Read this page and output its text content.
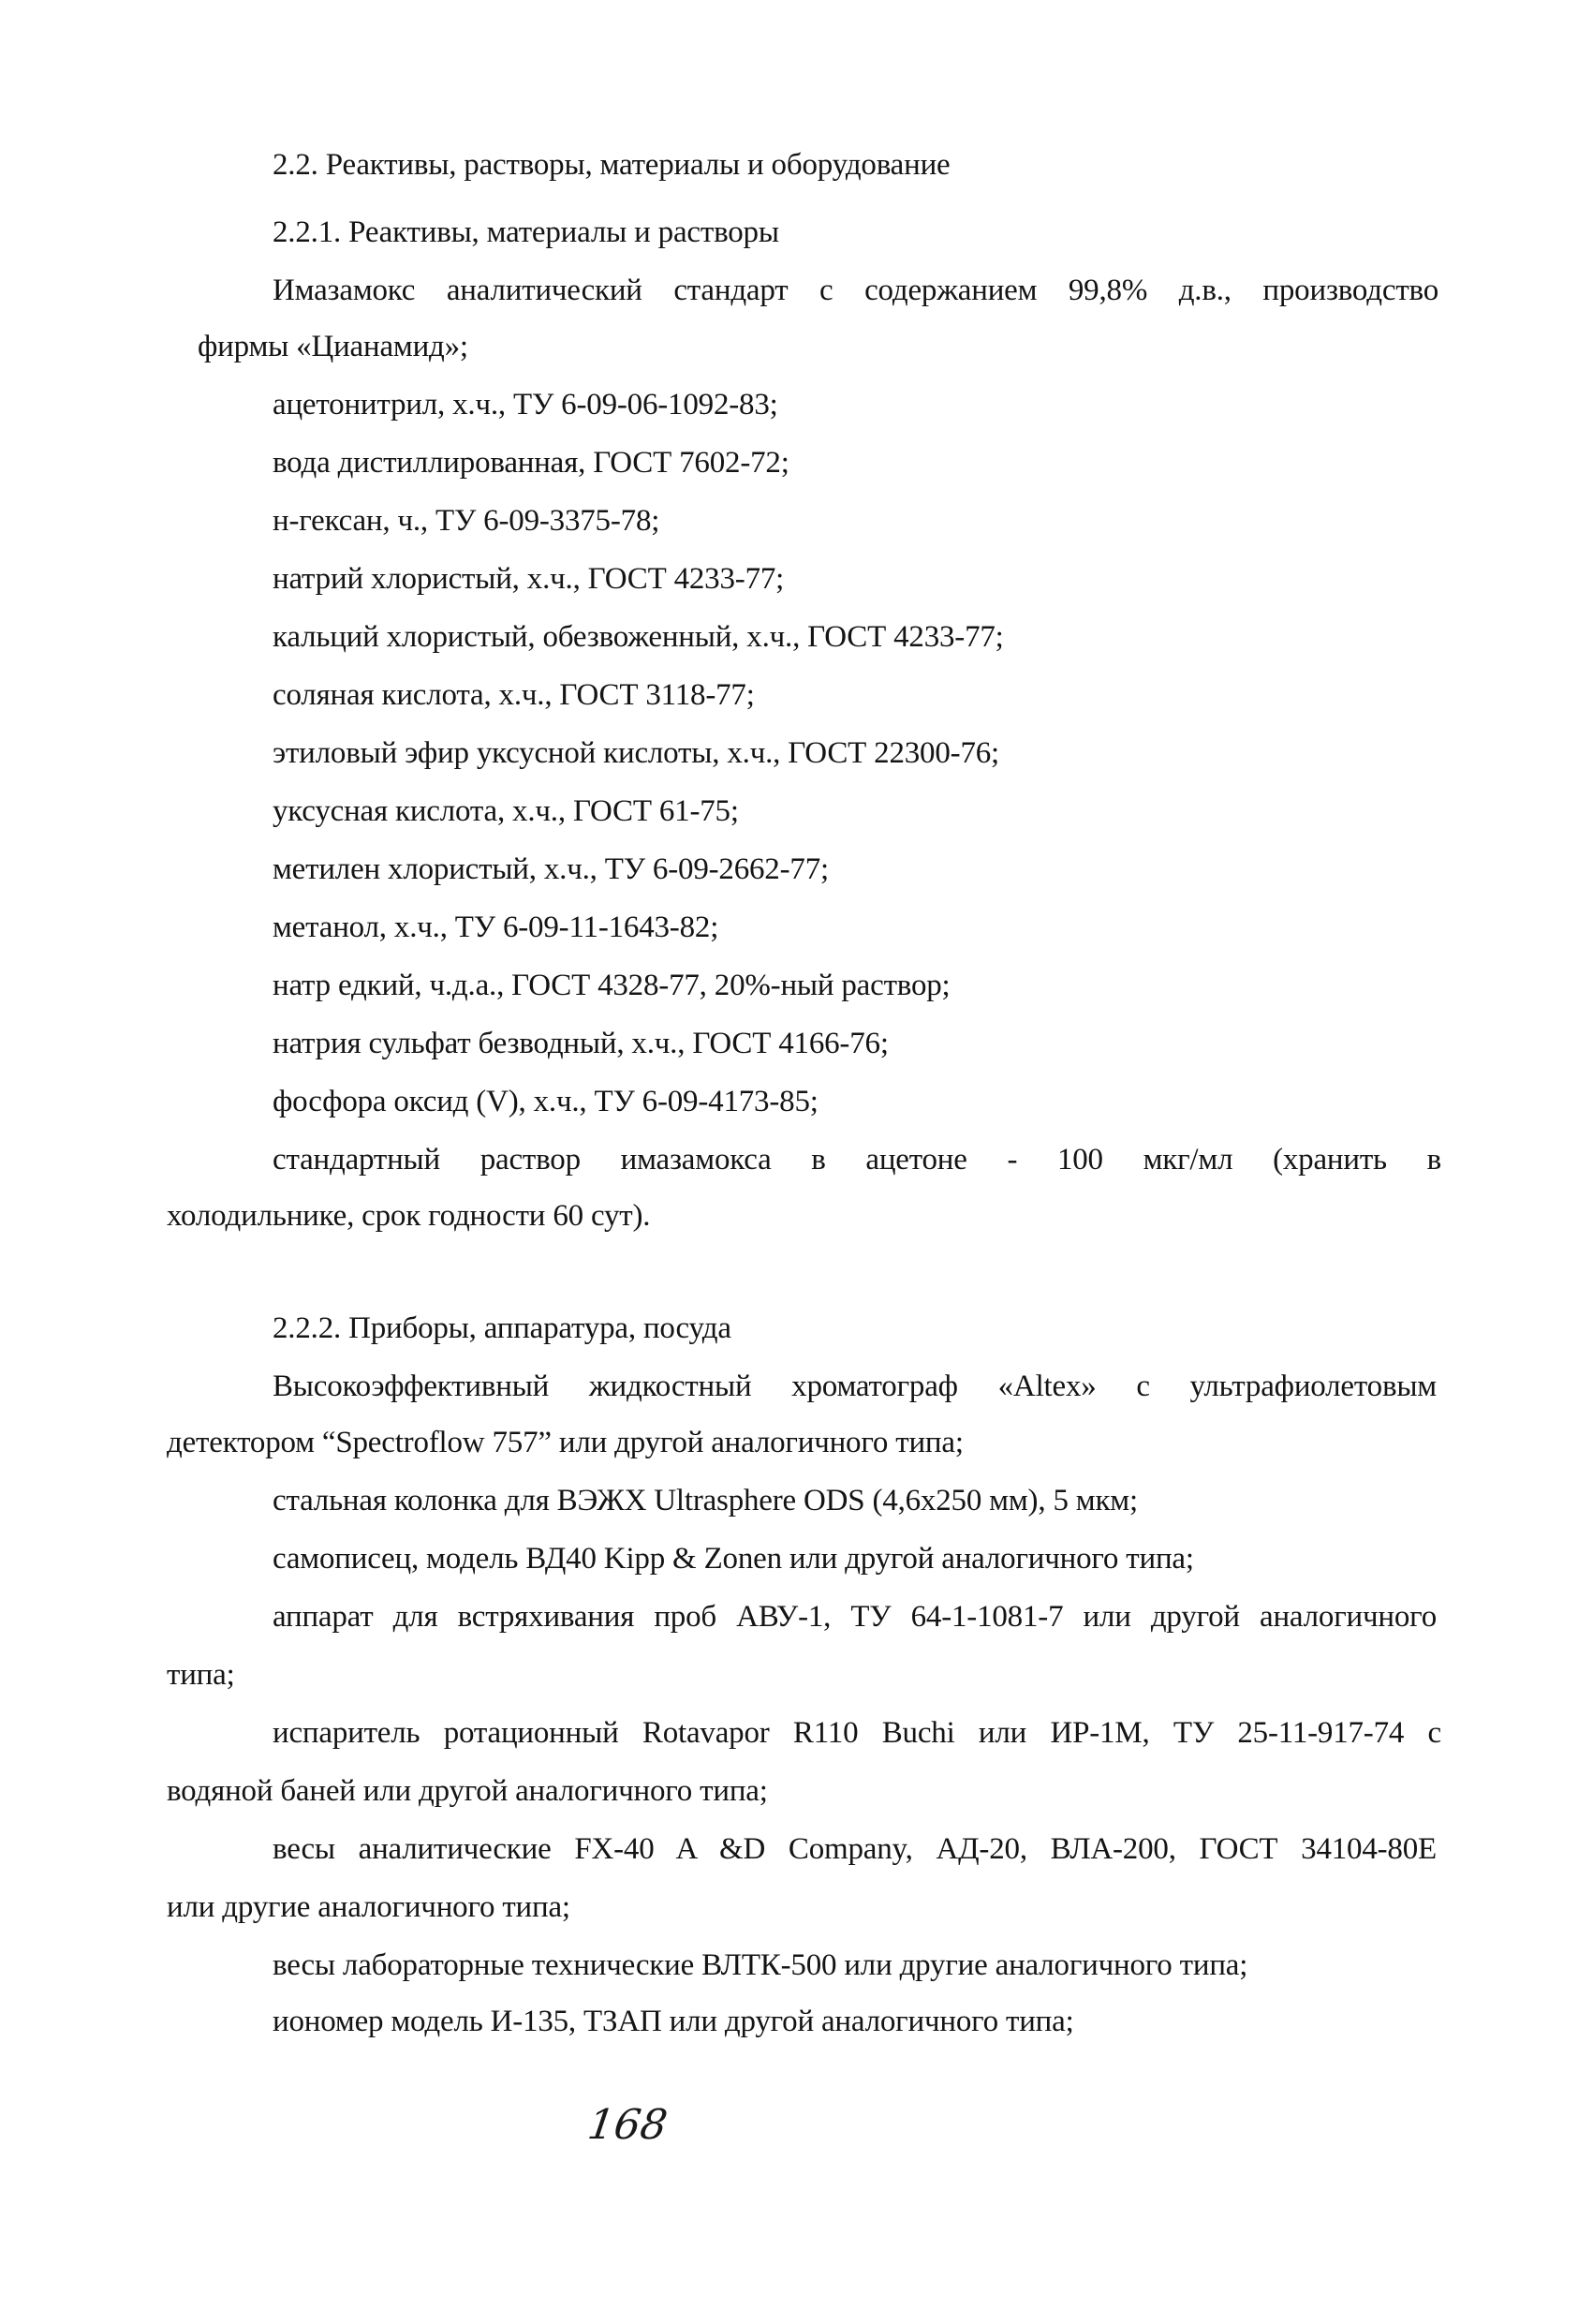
2.2. Реактивы, растворы, материалы и оборудование
2.2.1. Реактивы, материалы и растворы
Имазамокс аналитический стандарт с содержанием 99,8% д.в., производство
фирмы «Цианамид»;
ацетонитрил, х.ч., ТУ 6-09-06-1092-83;
вода дистиллированная, ГОСТ 7602-72;
н-гексан, ч., ТУ 6-09-3375-78;
натрий хлористый, х.ч., ГОСТ 4233-77;
кальций хлористый, обезвоженный, х.ч., ГОСТ 4233-77;
соляная кислота, х.ч., ГОСТ 3118-77;
этиловый эфир уксусной кислоты, х.ч., ГОСТ 22300-76;
уксусная кислота, х.ч., ГОСТ 61-75;
метилен хлористый, х.ч., ТУ 6-09-2662-77;
метанол, х.ч., ТУ 6-09-11-1643-82;
натр едкий, ч.д.а., ГОСТ 4328-77, 20%-ный раствор;
натрия сульфат безводный, х.ч., ГОСТ 4166-76;
фосфора оксид (V), х.ч., ТУ 6-09-4173-85;
стандартный раствор имазамокса в ацетоне - 100 мкг/мл (хранить в
холодильнике, срок годности 60 сут).
2.2.2. Приборы, аппаратура, посуда
Высокоэффективный жидкостный хроматограф «Altex» с ультрафиолетовым
детектором “Spectroflow 757” или другой аналогичного типа;
стальная колонка для ВЭЖХ Ultrasphere ODS (4,6х250 мм), 5 мкм;
самописец, модель ВД40 Kipp & Zonen или другой аналогичного типа;
аппарат для встряхивания проб АВУ-1, ТУ 64-1-1081-7 или другой аналогичного
типа;
испаритель ротационный Rotavapor R110 Buchi или ИР-1М, ТУ 25-11-917-74 с
водяной баней или другой аналогичного типа;
весы аналитические FX-40 A &D Company, АД-20, ВЛА-200, ГОСТ 34104-80Е
или другие аналогичного типа;
весы лабораторные технические ВЛТК-500 или другие аналогичного типа;
иономер модель И-135, ТЗАП или другой аналогичного типа;
168
